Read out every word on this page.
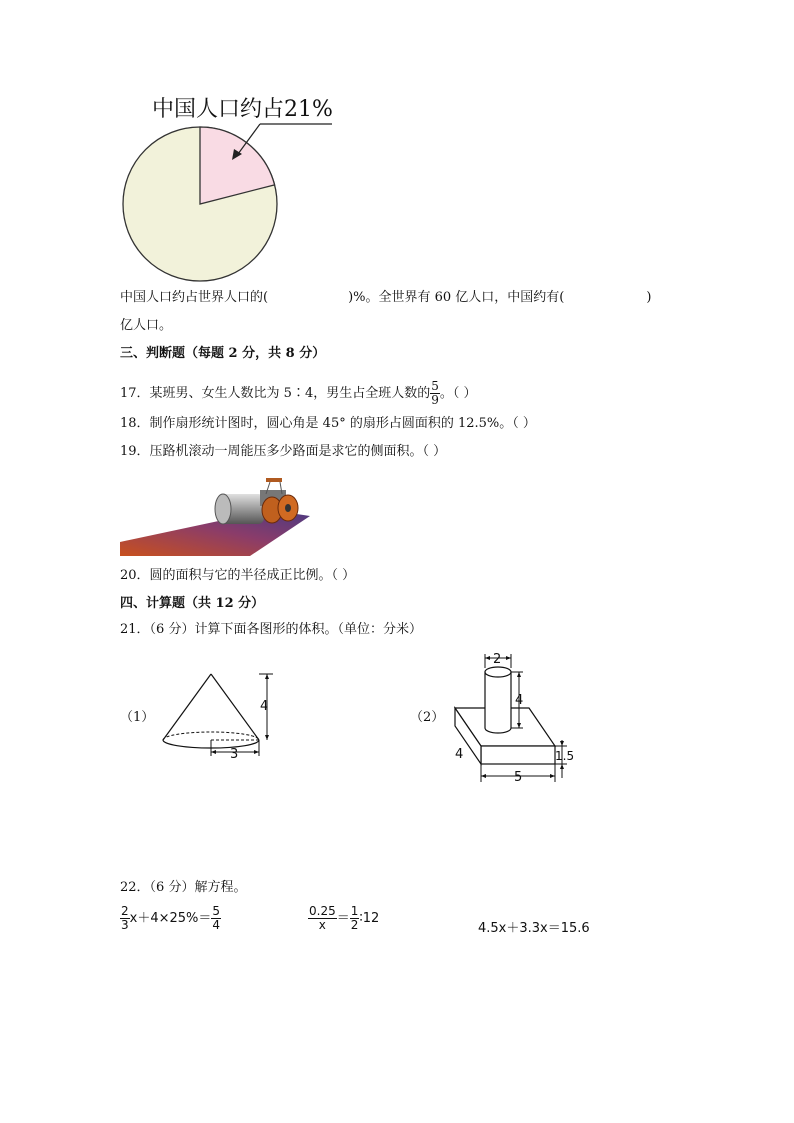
中国人口约占21%
中国人口约占世界人口的(	)%。全世界有 60 亿人口，中国约有(	)
亿人口。
三、判断题（每题 2 分，共 8 分）
17．某班男、女生人数比为 5∶4，男生占全班人数的 $\frac{5}{9}$ 。（ ）
18．制作扇形统计图时，圆心角是 45° 的扇形占圆面积的 12.5%。（ ）
19．压路机滚动一周能压多少路面是求它的侧面积。（ ）
20．圆的面积与它的半径成正比例。（ ）
四、计算题（共 12 分）
21．（6 分）计算下面各图形的体积。（单位：分米）
（1）	（2）
4
3
2
4
4	1.5
5
22．（6 分）解方程。
$\frac{2}{3} x+4\times 25\%= \frac{5}{4}$	$\frac{0.25}{x} = \frac{1}{2}$ ∶12
4.5x＋3.3x＝15.6
